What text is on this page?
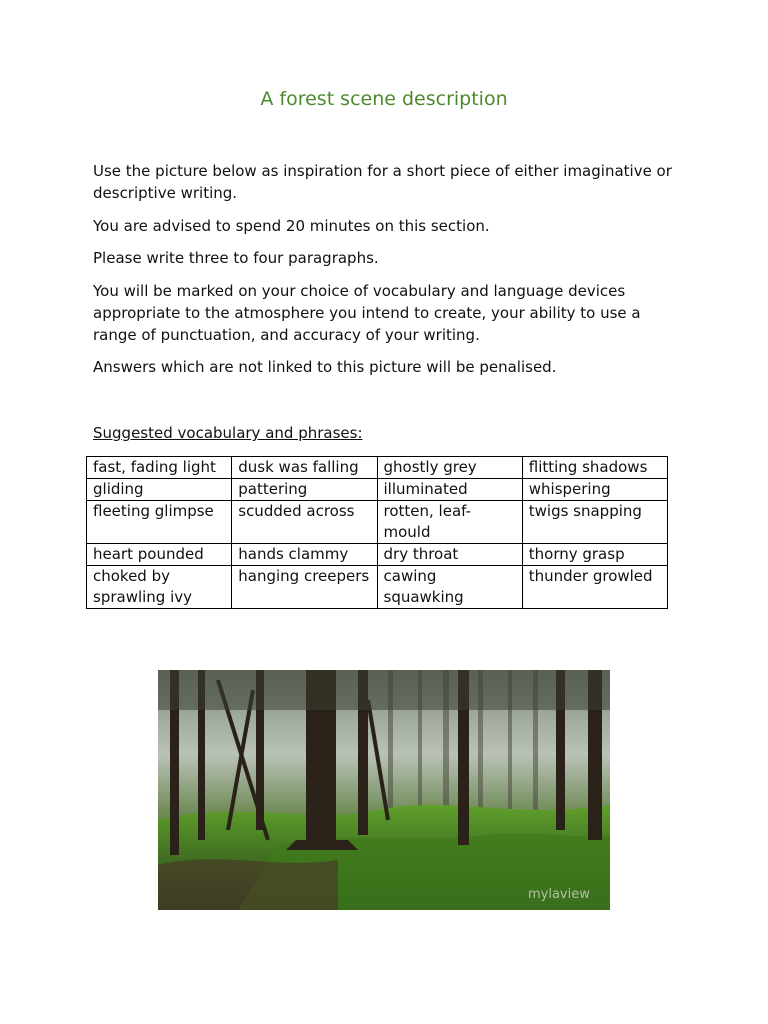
A forest scene description

Use the picture below as inspiration for a short piece of either imaginative or descriptive writing.

You are advised to spend 20 minutes on this section.

Please write three to four paragraphs.

You will be marked on your choice of vocabulary and language devices appropriate to the atmosphere you intend to create, your ability to use a range of punctuation, and accuracy of your writing.

Answers which are not linked to this picture will be penalised.

Suggested vocabulary and phrases:
fast, fading light	dusk was falling	ghostly grey	flitting shadows
gliding	pattering	illuminated	whispering
fleeting glimpse	scudded across	rotten, leaf-mould	twigs snapping
heart pounded	hands clammy	dry throat	thorny grasp
choked by sprawling ivy	hanging creepers	cawing squawking	thunder growled
mylaview
